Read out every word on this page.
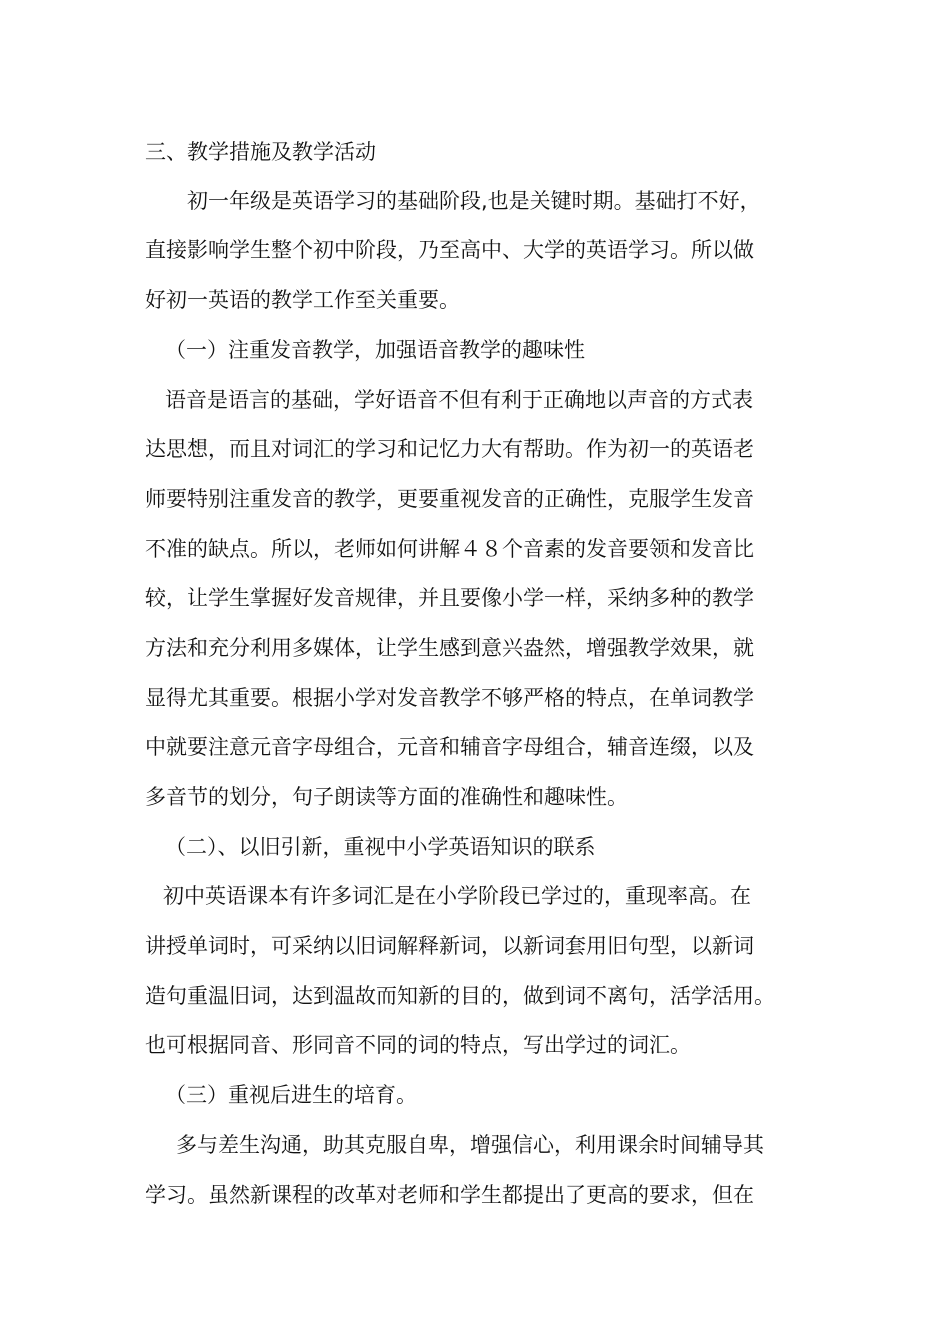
三、教学措施及教学活动

初一年级是英语学习的基础阶段,也是关键时期。基础打不好，

直接影响学生整个初中阶段，乃至高中、大学的英语学习。所以做

好初一英语的教学工作至关重要。

（一）注重发音教学，加强语音教学的趣味性

语音是语言的基础，学好语音不但有利于正确地以声音的方式表

达思想，而且对词汇的学习和记忆力大有帮助。作为初一的英语老

师要特别注重发音的教学，更要重视发音的正确性，克服学生发音

不准的缺点。所以，老师如何讲解４８个音素的发音要领和发音比

较，让学生掌握好发音规律，并且要像小学一样，采纳多种的教学

方法和充分利用多媒体，让学生感到意兴盎然，增强教学效果，就

显得尤其重要。根据小学对发音教学不够严格的特点，在单词教学

中就要注意元音字母组合，元音和辅音字母组合，辅音连缀，以及

多音节的划分，句子朗读等方面的准确性和趣味性。

（二）、以旧引新，重视中小学英语知识的联系

初中英语课本有许多词汇是在小学阶段已学过的，重现率高。在

讲授单词时，可采纳以旧词解释新词，以新词套用旧句型，以新词

造句重温旧词，达到温故而知新的目的，做到词不离句，活学活用。

也可根据同音、形同音不同的词的特点，写出学过的词汇。

（三）重视后进生的培育。

多与差生沟通，助其克服自卑，增强信心，利用课余时间辅导其

学习。虽然新课程的改革对老师和学生都提出了更高的要求，但在
